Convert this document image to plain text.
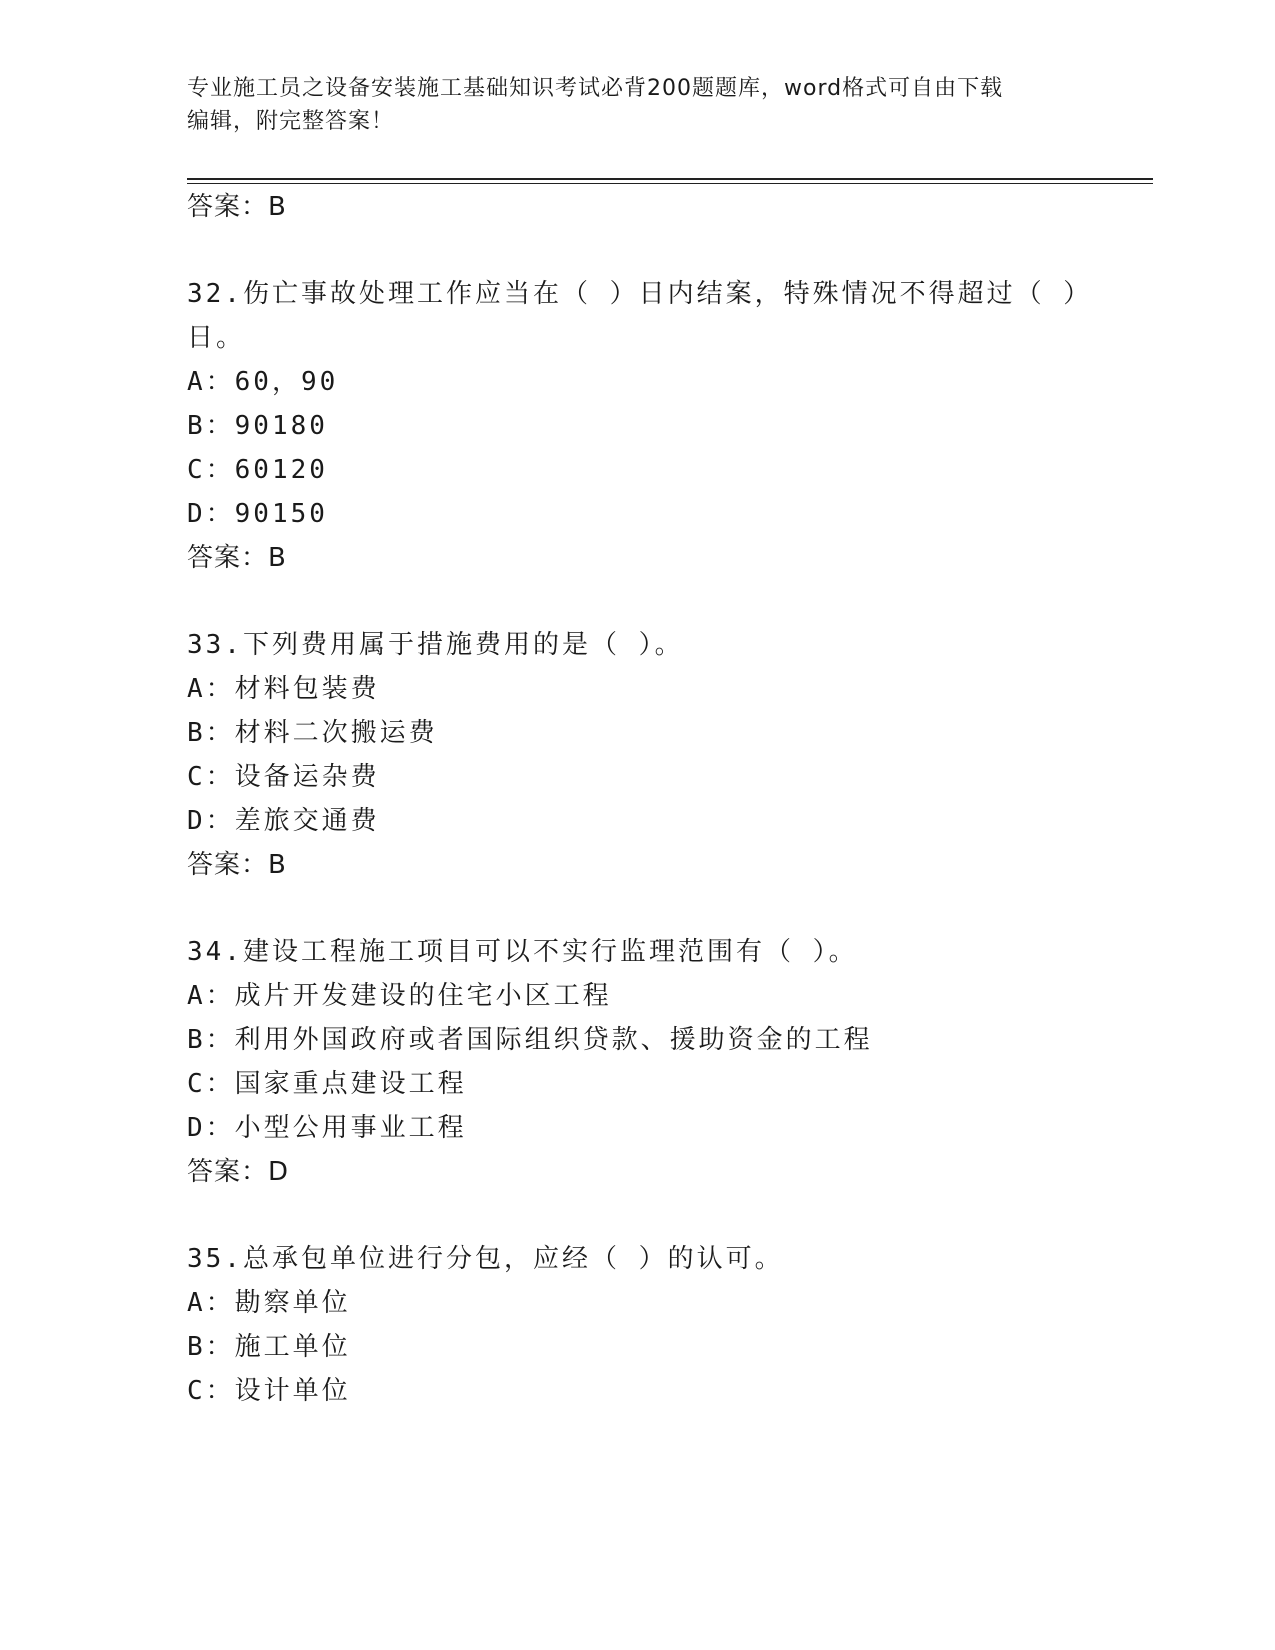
专业施工员之设备安装施工基础知识考试必背200题题库，word格式可自由下载
编辑，附完整答案！
答案：B
32.伤亡事故处理工作应当在（ ）日内结案，特殊情况不得超过（ ）
日。
A：60，90
B：90180
C：60120
D：90150
答案：B
33.下列费用属于措施费用的是（ ）。
A：材料包装费
B：材料二次搬运费
C：设备运杂费
D：差旅交通费
答案：B
34.建设工程施工项目可以不实行监理范围有（ ）。
A：成片开发建设的住宅小区工程
B：利用外国政府或者国际组织贷款、援助资金的工程
C：国家重点建设工程
D：小型公用事业工程
答案：D
35.总承包单位进行分包，应经（ ）的认可。
A：勘察单位
B：施工单位
C：设计单位
